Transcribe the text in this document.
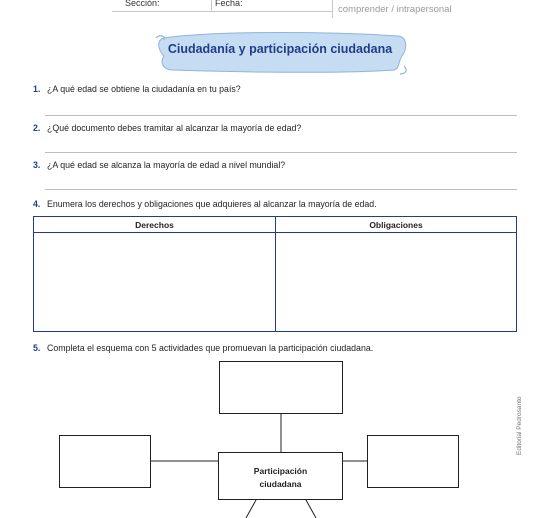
Sección:	Fecha:
comprender / intrapersonal
Ciudadanía y participación ciudadana
1. ¿A qué edad se obtiene la ciudadanía en tu país?
2. ¿Qué documento debes tramitar al alcanzar la mayoría de edad?
3. ¿A qué edad se alcanza la mayoría de edad a nivel mundial?
4. Enumera los derechos y obligaciones que adquieres al alcanzar la mayoría de edad.
Derechos	Obligaciones
5. Completa el esquema con 5 actividades que promuevan la participación ciudadana.
Participación
ciudadana
Editorial Pedrosanto
